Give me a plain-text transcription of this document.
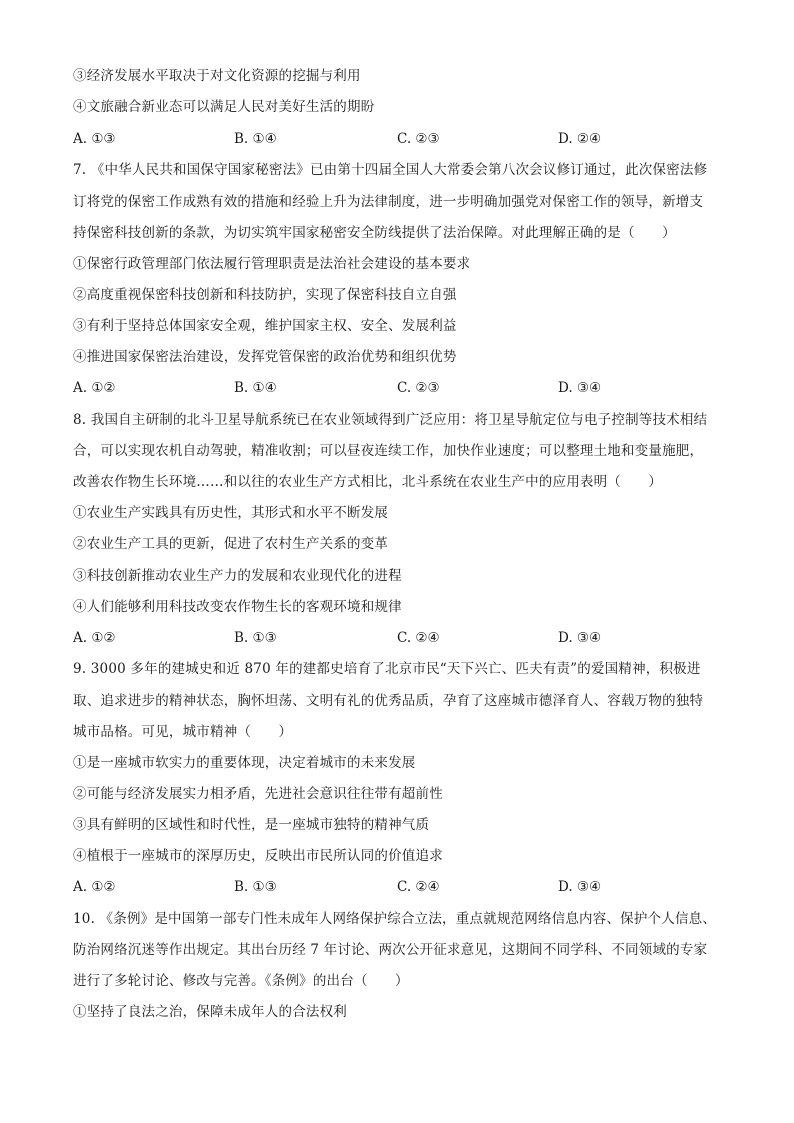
③经济发展水平取决于对文化资源的挖掘与利用
④文旅融合新业态可以满足人民对美好生活的期盼
A. ①③	B. ①④	C. ②③	D. ②④
7. 《中华人民共和国保守国家秘密法》已由第十四届全国人大常委会第八次会议修订通过，此次保密法修
订将党的保密工作成熟有效的措施和经验上升为法律制度，进一步明确加强党对保密工作的领导，新增支
持保密科技创新的条款，为切实筑牢国家秘密安全防线提供了法治保障。对此理解正确的是（　　）
①保密行政管理部门依法履行管理职责是法治社会建设的基本要求
②高度重视保密科技创新和科技防护，实现了保密科技自立自强
③有利于坚持总体国家安全观，维护国家主权、安全、发展利益
④推进国家保密法治建设，发挥党管保密的政治优势和组织优势
A. ①②	B. ①④	C. ②③	D. ③④
8. 我国自主研制的北斗卫星导航系统已在农业领域得到广泛应用：将卫星导航定位与电子控制等技术相结
合，可以实现农机自动驾驶，精准收割；可以昼夜连续工作，加快作业速度；可以整理土地和变量施肥，
改善农作物生长环境……和以往的农业生产方式相比，北斗系统在农业生产中的应用表明（　　）
①农业生产实践具有历史性，其形式和水平不断发展
②农业生产工具的更新，促进了农村生产关系的变革
③科技创新推动农业生产力的发展和农业现代化的进程
④人们能够利用科技改变农作物生长的客观环境和规律
A. ①②	B. ①③	C. ②④	D. ③④
9. 3000 多年的建城史和近 870 年的建都史培育了北京市民“天下兴亡、匹夫有责”的爱国精神，积极进
取、追求进步的精神状态，胸怀坦荡、文明有礼的优秀品质，孕育了这座城市德泽育人、容载万物的独特
城市品格。可见，城市精神（　　）
①是一座城市软实力的重要体现，决定着城市的未来发展
②可能与经济发展实力相矛盾，先进社会意识往往带有超前性
③具有鲜明的区域性和时代性，是一座城市独特的精神气质
④植根于一座城市的深厚历史，反映出市民所认同的价值追求
A. ①②	B. ①③	C. ②④	D. ③④
10. 《条例》是中国第一部专门性未成年人网络保护综合立法，重点就规范网络信息内容、保护个人信息、
防治网络沉迷等作出规定。其出台历经 7 年讨论、两次公开征求意见，这期间不同学科、不同领域的专家
进行了多轮讨论、修改与完善。《条例》的出台（　　）
①坚持了良法之治，保障未成年人的合法权利
